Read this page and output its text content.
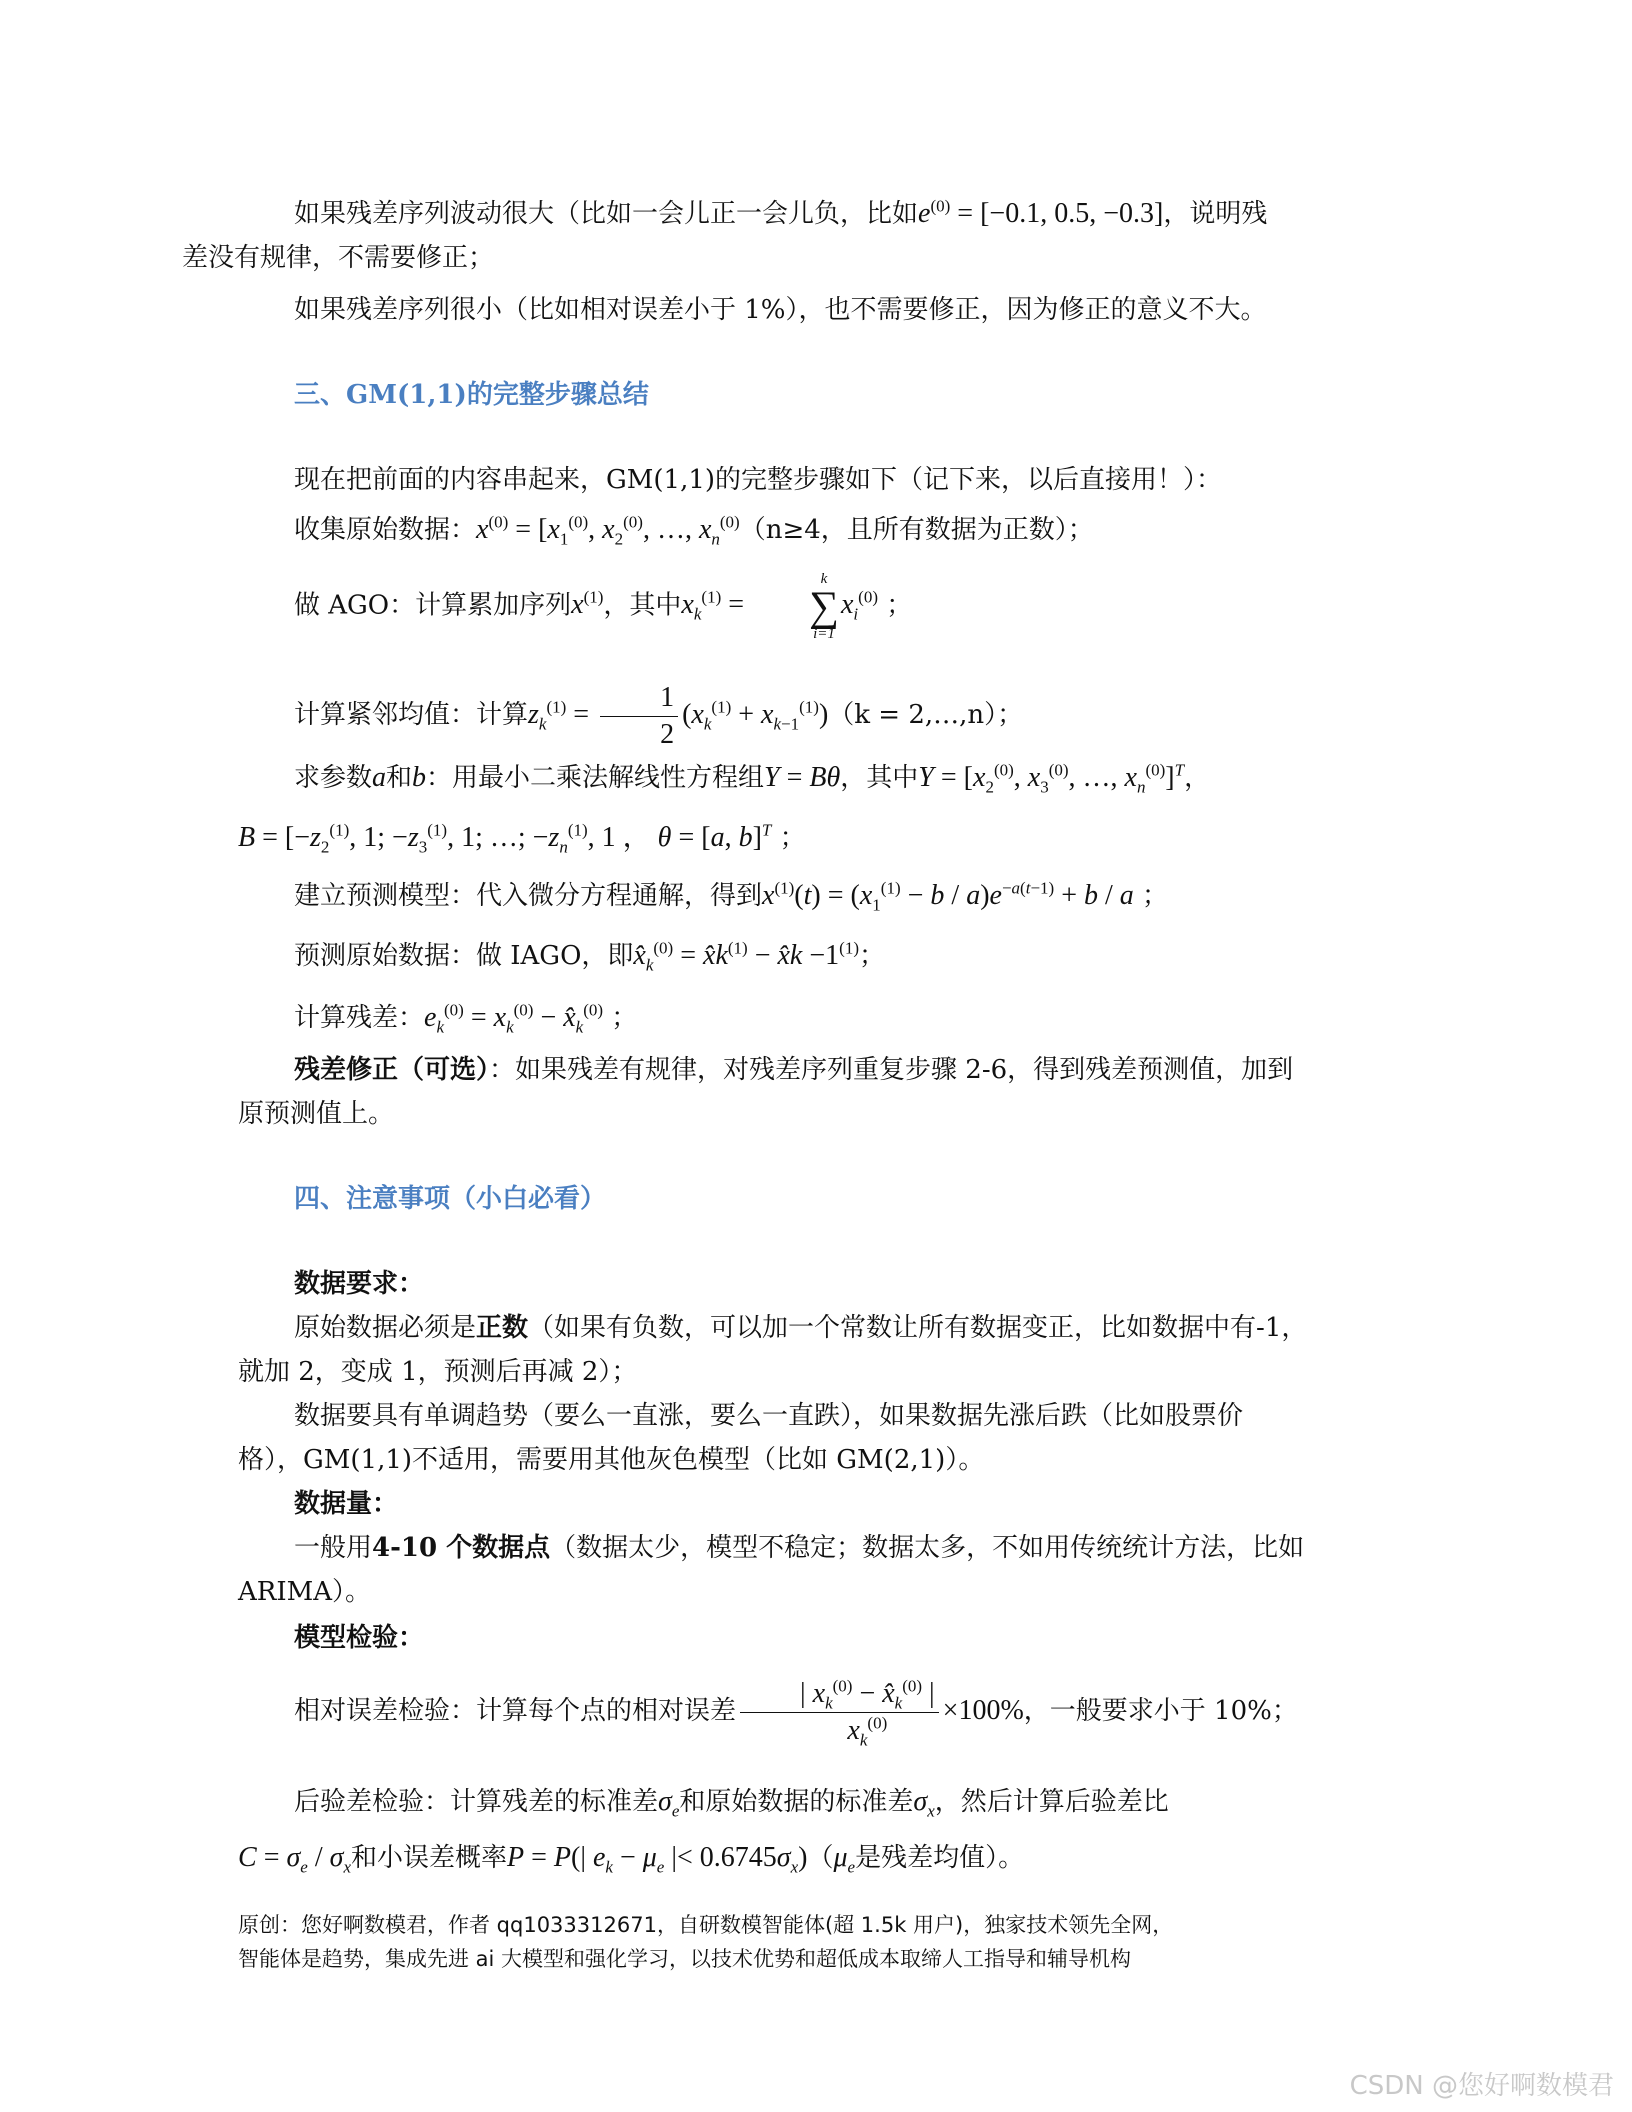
如果残差序列波动很大（比如一会儿正一会儿负，比如$e^{(0)} = [-0.1$, 0.5, −0.3]，说明残
差没有规律，不需要修正；
如果残差序列很小（比如相对误差小于 1%），也不需要修正，因为修正的意义不大。
三、GM(1,1)的完整步骤总结
现在把前面的内容串起来，GM(1,1)的完整步骤如下（记下来，以后直接用！）：
收集原始数据：$x^{(0)} = [x_1^{(0)}$, $x_2^{(0)}$, …, $x_n^{(0)}(n\ge 4$，且所有数据为正数）；
做 AGO：计算累加序列$x^{(1)}$，其中$x_k^{(1)}$ =
k
∑
i=1
$x_i^{(0)}$ ；
计算紧邻均值：计算$z_k^{(1)} = \frac{1}{2} (x_k^{(1)} + x_{k-1}^{(1)})(k$ = 2,…,n）；
求参数a和b：用最小二乘法解线性方程组Y = Bθ，其中$Y = [x_2^{(0)}$, $x_3^{(0)}$, …, $x_n^{(0)}]^T$，
$B = [-z_2^{(1)}$, 1; $-z_3^{(1)}$, 1; …; $-z_n^{(1)}$, 1 ， θ = [a, b]$^T$ ；
建立预测模型：代入微分方程通解，得到$x^{(1)}(t) = (x_1^{(1)} - b / a)e^{-a(t-1)} + b / a$ ；
预测原始数据：做 IAGO，即$x̂_k^{(0)}$ = $x̂k^{(1)}$ − x̂k $-1^{(1)}$；
计算残差：$e_k^{(0)} = x_k^{(0)}$ − $x̂_k^{(0)}$ ；
残差修正（可选）：如果残差有规律，对残差序列重复步骤 2-6，得到残差预测值，加到
原预测值上。
四、注意事项（小白必看）
数据要求：
原始数据必须是正数（如果有负数，可以加一个常数让所有数据变正，比如数据中有-1，
就加 2，变成 1，预测后再减 2）；
数据要具有单调趋势（要么一直涨，要么一直跌），如果数据先涨后跌（比如股票价
格），GM(1,1)不适用，需要用其他灰色模型（比如 GM(2,1)）。
数据量：
一般用4-10 个数据点（数据太少，模型不稳定；数据太多，不如用传统统计方法，比如
ARIMA）。
模型检验：
相对误差检验：计算每个点的相对误差 $\frac{| x_k^{(0)} - x̂_k^{(0)} |}{x_k^{(0)}} \times 100\%$，一般要求小于 10%；
后验差检验：计算残差的标准差$\sigma_e$和原始数据的标准差$\sigma_x$，然后计算后验差比
$C = \sigma_e / \sigma_x$和小误差概率P = P(| $e_k - \mu_e$ |< $0.6745\sigma_x)(\mu_e$是残差均值）。
原创：您好啊数模君，作者 qq1033312671，自研数模智能体(超 1.5k 用户)，独家技术领先全网，
智能体是趋势，集成先进 ai 大模型和强化学习，以技术优势和超低成本取缔人工指导和辅导机构
CSDN @您好啊数模君
